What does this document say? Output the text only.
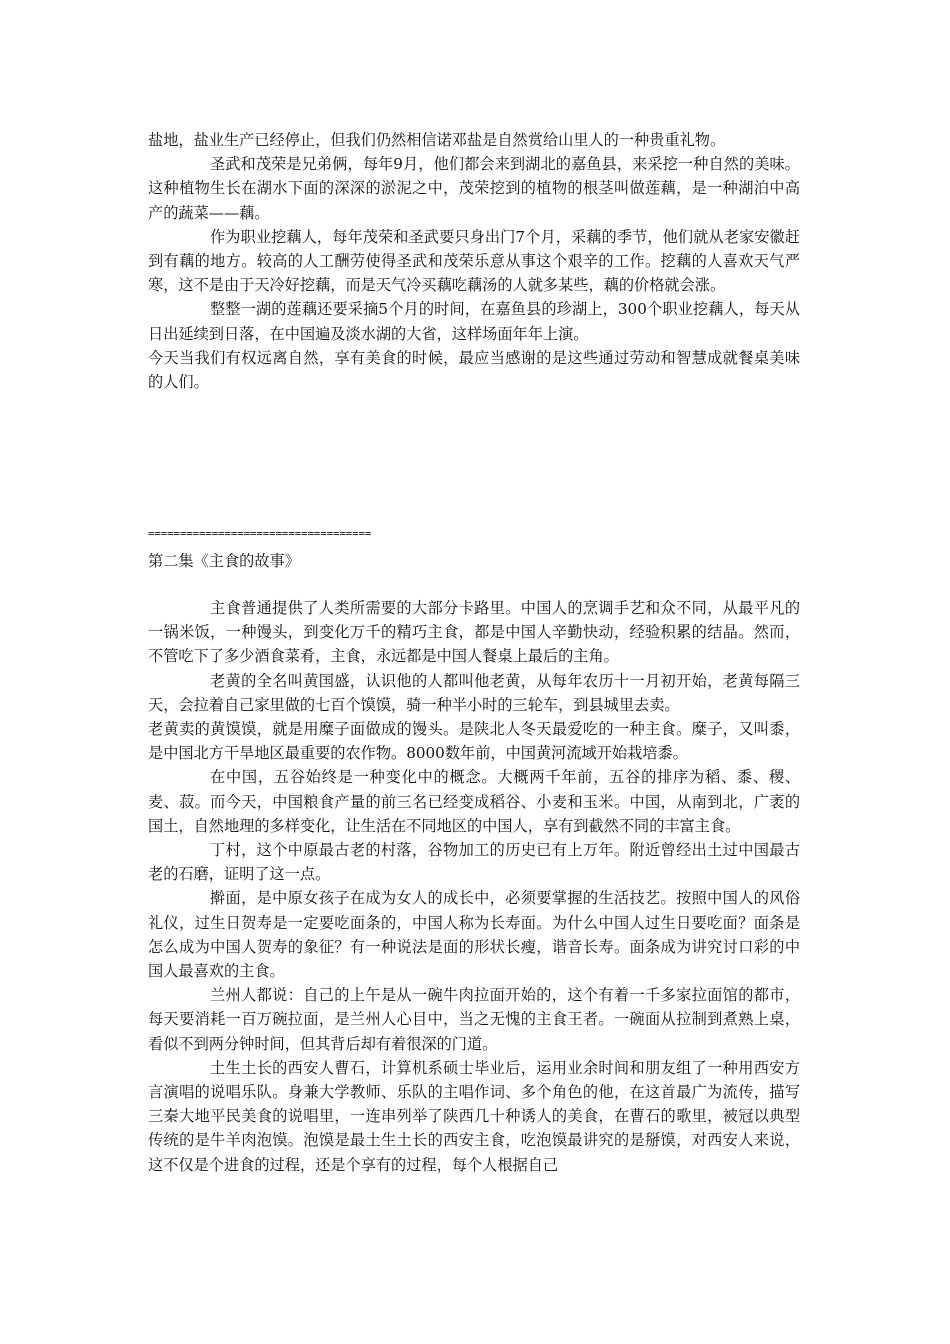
盐地，盐业生产已经停止，但我们仍然相信诺邓盐是自然赏给山里人的一种贵重礼物。

圣武和茂荣是兄弟俩，每年9月，他们都会来到湖北的嘉鱼县，来采挖一种自然的美味。这种植物生长在湖水下面的深深的淤泥之中，茂荣挖到的植物的根茎叫做莲藕，是一种湖泊中高产的蔬菜——藕。

作为职业挖藕人，每年茂荣和圣武要只身出门7个月，采藕的季节，他们就从老家安徽赶到有藕的地方。较高的人工酬劳使得圣武和茂荣乐意从事这个艰辛的工作。挖藕的人喜欢天气严寒，这不是由于天冷好挖藕，而是天气冷买藕吃藕汤的人就多某些，藕的价格就会涨。

整整一湖的莲藕还要采摘5个月的时间，在嘉鱼县的珍湖上，300个职业挖藕人，每天从日出延续到日落，在中国遍及淡水湖的大省，这样场面年年上演。

今天当我们有权远离自然，享有美食的时候，最应当感谢的是这些通过劳动和智慧成就餐桌美味的人们。

===================================
第二集《主食的故事》

主食普通提供了人类所需要的大部分卡路里。中国人的烹调手艺和众不同，从最平凡的一锅米饭，一种馒头，到变化万千的精巧主食，都是中国人辛勤快动，经验积累的结晶。然而，不管吃下了多少酒食菜肴，主食，永远都是中国人餐桌上最后的主角。

老黄的全名叫黄国盛，认识他的人都叫他老黄，从每年农历十一月初开始，老黄每隔三天，会拉着自己家里做的七百个馍馍，骑一种半小时的三轮车，到县城里去卖。

老黄卖的黄馍馍，就是用糜子面做成的馒头。是陕北人冬天最爱吃的一种主食。糜子，又叫黍，是中国北方干旱地区最重要的农作物。8000数年前，中国黄河流域开始栽培黍。

在中国，五谷始终是一种变化中的概念。大概两千年前，五谷的排序为稻、黍、稷、麦、菽。而今天，中国粮食产量的前三名已经变成稻谷、小麦和玉米。中国，从南到北，广袤的国土，自然地理的多样变化，让生活在不同地区的中国人，享有到截然不同的丰富主食。

丁村，这个中原最古老的村落，谷物加工的历史已有上万年。附近曾经出土过中国最古老的石磨，证明了这一点。

擀面，是中原女孩子在成为女人的成长中，必须要掌握的生活技艺。按照中国人的风俗礼仪，过生日贺寿是一定要吃面条的，中国人称为长寿面。为什么中国人过生日要吃面？面条是怎么成为中国人贺寿的象征？有一种说法是面的形状长瘦，谐音长寿。面条成为讲究讨口彩的中国人最喜欢的主食。

兰州人都说：自己的上午是从一碗牛肉拉面开始的，这个有着一千多家拉面馆的都市，每天要消耗一百万碗拉面，是兰州人心目中，当之无愧的主食王者。一碗面从拉制到煮熟上桌，看似不到两分钟时间，但其背后却有着很深的门道。

土生土长的西安人曹石，计算机系硕士毕业后，运用业余时间和朋友组了一种用西安方言演唱的说唱乐队。身兼大学教师、乐队的主唱作词、多个角色的他，在这首最广为流传，描写三秦大地平民美食的说唱里，一连串列举了陕西几十种诱人的美食，在曹石的歌里，被冠以典型传统的是牛羊肉泡馍。泡馍是最土生土长的西安主食，吃泡馍最讲究的是掰馍，对西安人来说，这不仅是个进食的过程，还是个享有的过程，每个人根据自己
